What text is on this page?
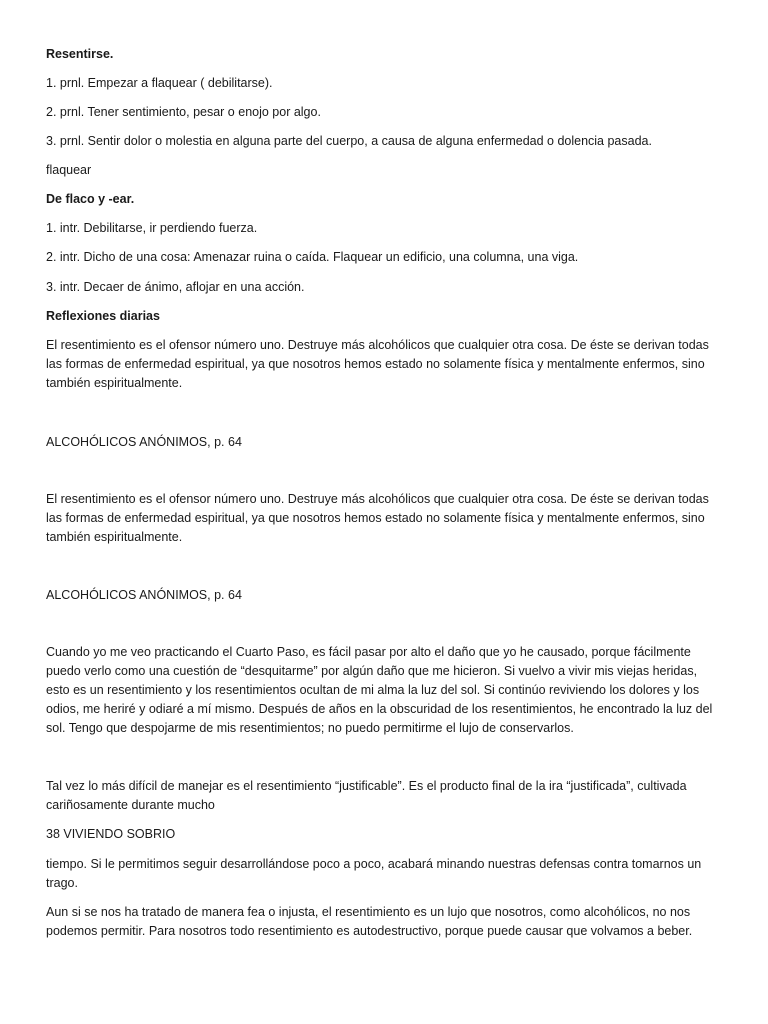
Resentirse.

1. prnl. Empezar a flaquear ( debilitarse).

2. prnl. Tener sentimiento, pesar o enojo por algo.

3. prnl. Sentir dolor o molestia en alguna parte del cuerpo, a causa de alguna enfermedad o dolencia pasada.

flaquear

De flaco y -ear.

1. intr. Debilitarse, ir perdiendo fuerza.

2. intr. Dicho de una cosa: Amenazar ruina o caída. Flaquear un edificio, una columna, una viga.

3. intr. Decaer de ánimo, aflojar en una acción.

Reflexiones diarias

El resentimiento es el ofensor número uno. Destruye más alcohólicos que cualquier otra cosa. De éste se derivan todas las formas de enfermedad espiritual, ya que nosotros hemos estado no solamente física y mentalmente enfermos, sino también espiritualmente.

ALCOHÓLICOS ANÓNIMOS, p. 64

El resentimiento es el ofensor número uno. Destruye más alcohólicos que cualquier otra cosa. De éste se derivan todas las formas de enfermedad espiritual, ya que nosotros hemos estado no solamente física y mentalmente enfermos, sino también espiritualmente.

ALCOHÓLICOS ANÓNIMOS, p. 64

Cuando yo me veo practicando el Cuarto Paso, es fácil pasar por alto el daño que yo he causado, porque fácilmente puedo verlo como una cuestión de “desquitarme” por algún daño que me hicieron. Si vuelvo a vivir mis viejas heridas, esto es un resentimiento y los resentimientos ocultan de mi alma la luz del sol. Si continúo reviviendo los dolores y los odios, me heriré y odiaré a mí mismo. Después de años en la obscuridad de los resentimientos, he encontrado la luz del sol. Tengo que despojarme de mis resentimientos; no puedo permitirme el lujo de conservarlos.

Tal vez lo más difícil de manejar es el resentimiento “justificable”. Es el producto final de la ira “justificada”, cultivada cariñosamente durante mucho

38 VIVIENDO SOBRIO

tiempo. Si le permitimos seguir desarrollándose poco a poco, acabará minando nuestras defensas contra tomarnos un trago.

Aun si se nos ha tratado de manera fea o injusta, el resentimiento es un lujo que nosotros, como alcohólicos, no nos podemos permitir. Para nosotros todo resentimiento es autodestructivo, porque puede causar que volvamos a beber.
